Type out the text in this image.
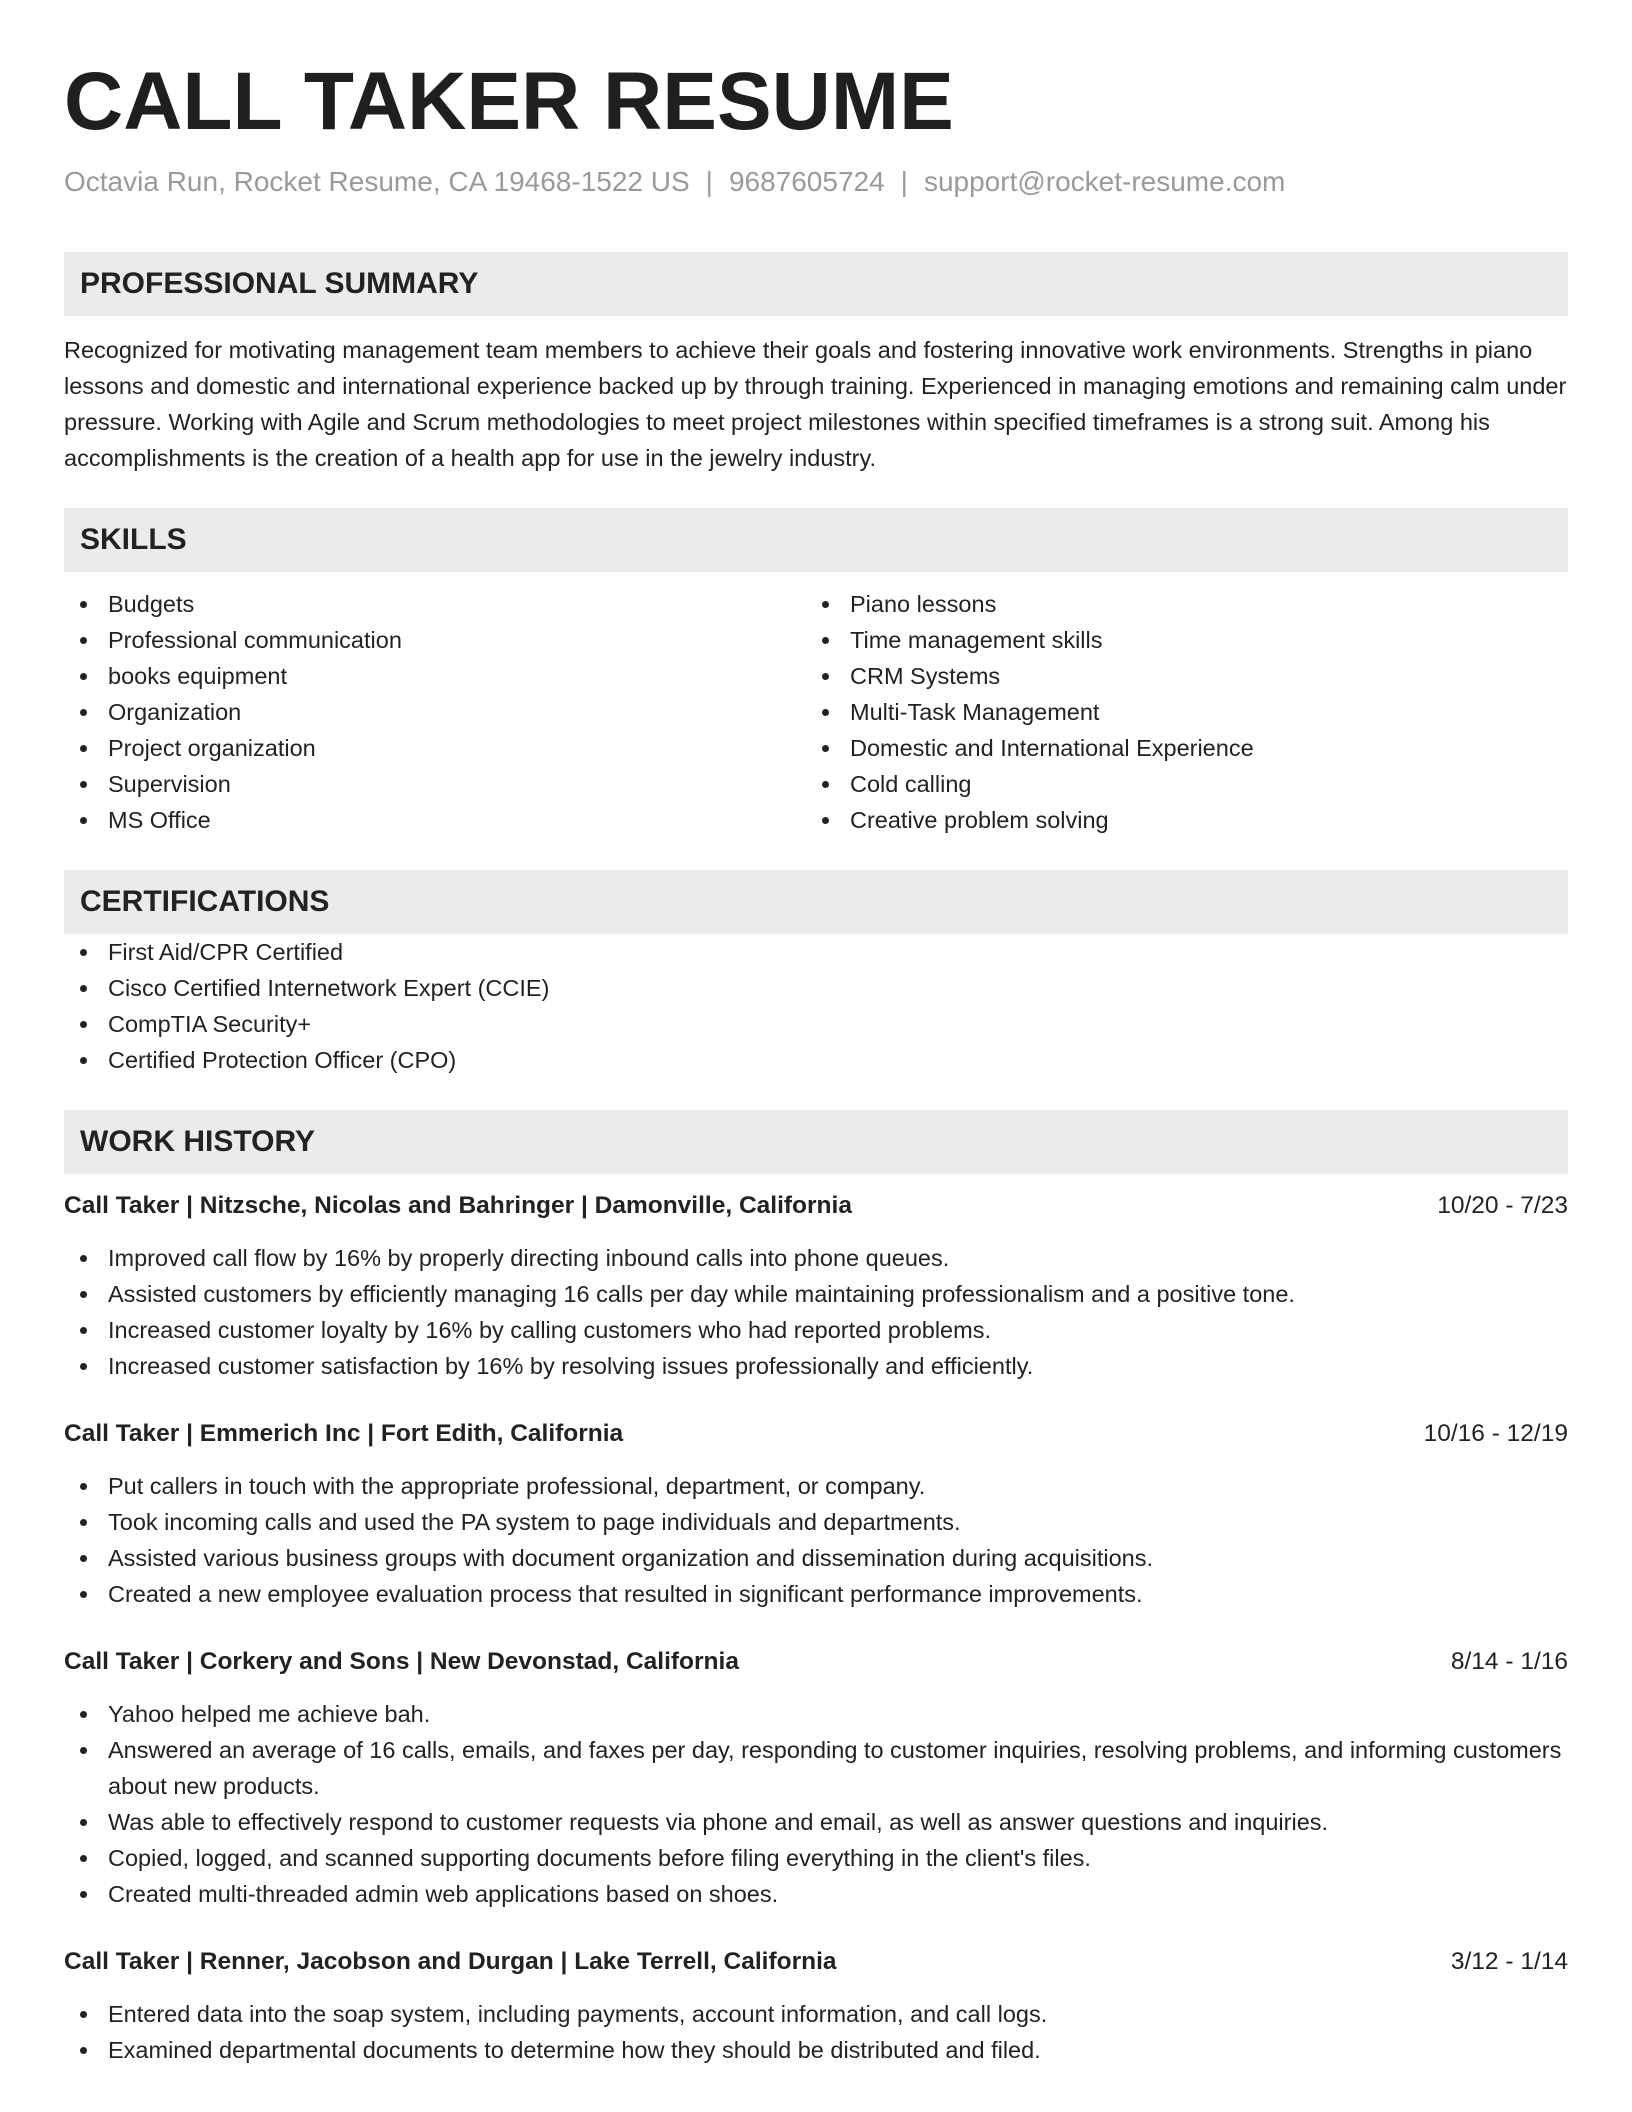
CALL TAKER RESUME
Octavia Run, Rocket Resume, CA 19468-1522 US | 9687605724 | support@rocket-resume.com
PROFESSIONAL SUMMARY
Recognized for motivating management team members to achieve their goals and fostering innovative work environments. Strengths in piano lessons and domestic and international experience backed up by through training. Experienced in managing emotions and remaining calm under pressure. Working with Agile and Scrum methodologies to meet project milestones within specified timeframes is a strong suit. Among his accomplishments is the creation of a health app for use in the jewelry industry.
SKILLS
Budgets
Professional communication
books equipment
Organization
Project organization
Supervision
MS Office
Piano lessons
Time management skills
CRM Systems
Multi-Task Management
Domestic and International Experience
Cold calling
Creative problem solving
CERTIFICATIONS
First Aid/CPR Certified
Cisco Certified Internetwork Expert (CCIE)
CompTIA Security+
Certified Protection Officer (CPO)
WORK HISTORY
Call Taker | Nitzsche, Nicolas and Bahringer | Damonville, California	10/20 - 7/23
Improved call flow by 16% by properly directing inbound calls into phone queues.
Assisted customers by efficiently managing 16 calls per day while maintaining professionalism and a positive tone.
Increased customer loyalty by 16% by calling customers who had reported problems.
Increased customer satisfaction by 16% by resolving issues professionally and efficiently.
Call Taker | Emmerich Inc | Fort Edith, California	10/16 - 12/19
Put callers in touch with the appropriate professional, department, or company.
Took incoming calls and used the PA system to page individuals and departments.
Assisted various business groups with document organization and dissemination during acquisitions.
Created a new employee evaluation process that resulted in significant performance improvements.
Call Taker | Corkery and Sons | New Devonstad, California	8/14 - 1/16
Yahoo helped me achieve bah.
Answered an average of 16 calls, emails, and faxes per day, responding to customer inquiries, resolving problems, and informing customers about new products.
Was able to effectively respond to customer requests via phone and email, as well as answer questions and inquiries.
Copied, logged, and scanned supporting documents before filing everything in the client's files.
Created multi-threaded admin web applications based on shoes.
Call Taker | Renner, Jacobson and Durgan | Lake Terrell, California	3/12 - 1/14
Entered data into the soap system, including payments, account information, and call logs.
Examined departmental documents to determine how they should be distributed and filed.
